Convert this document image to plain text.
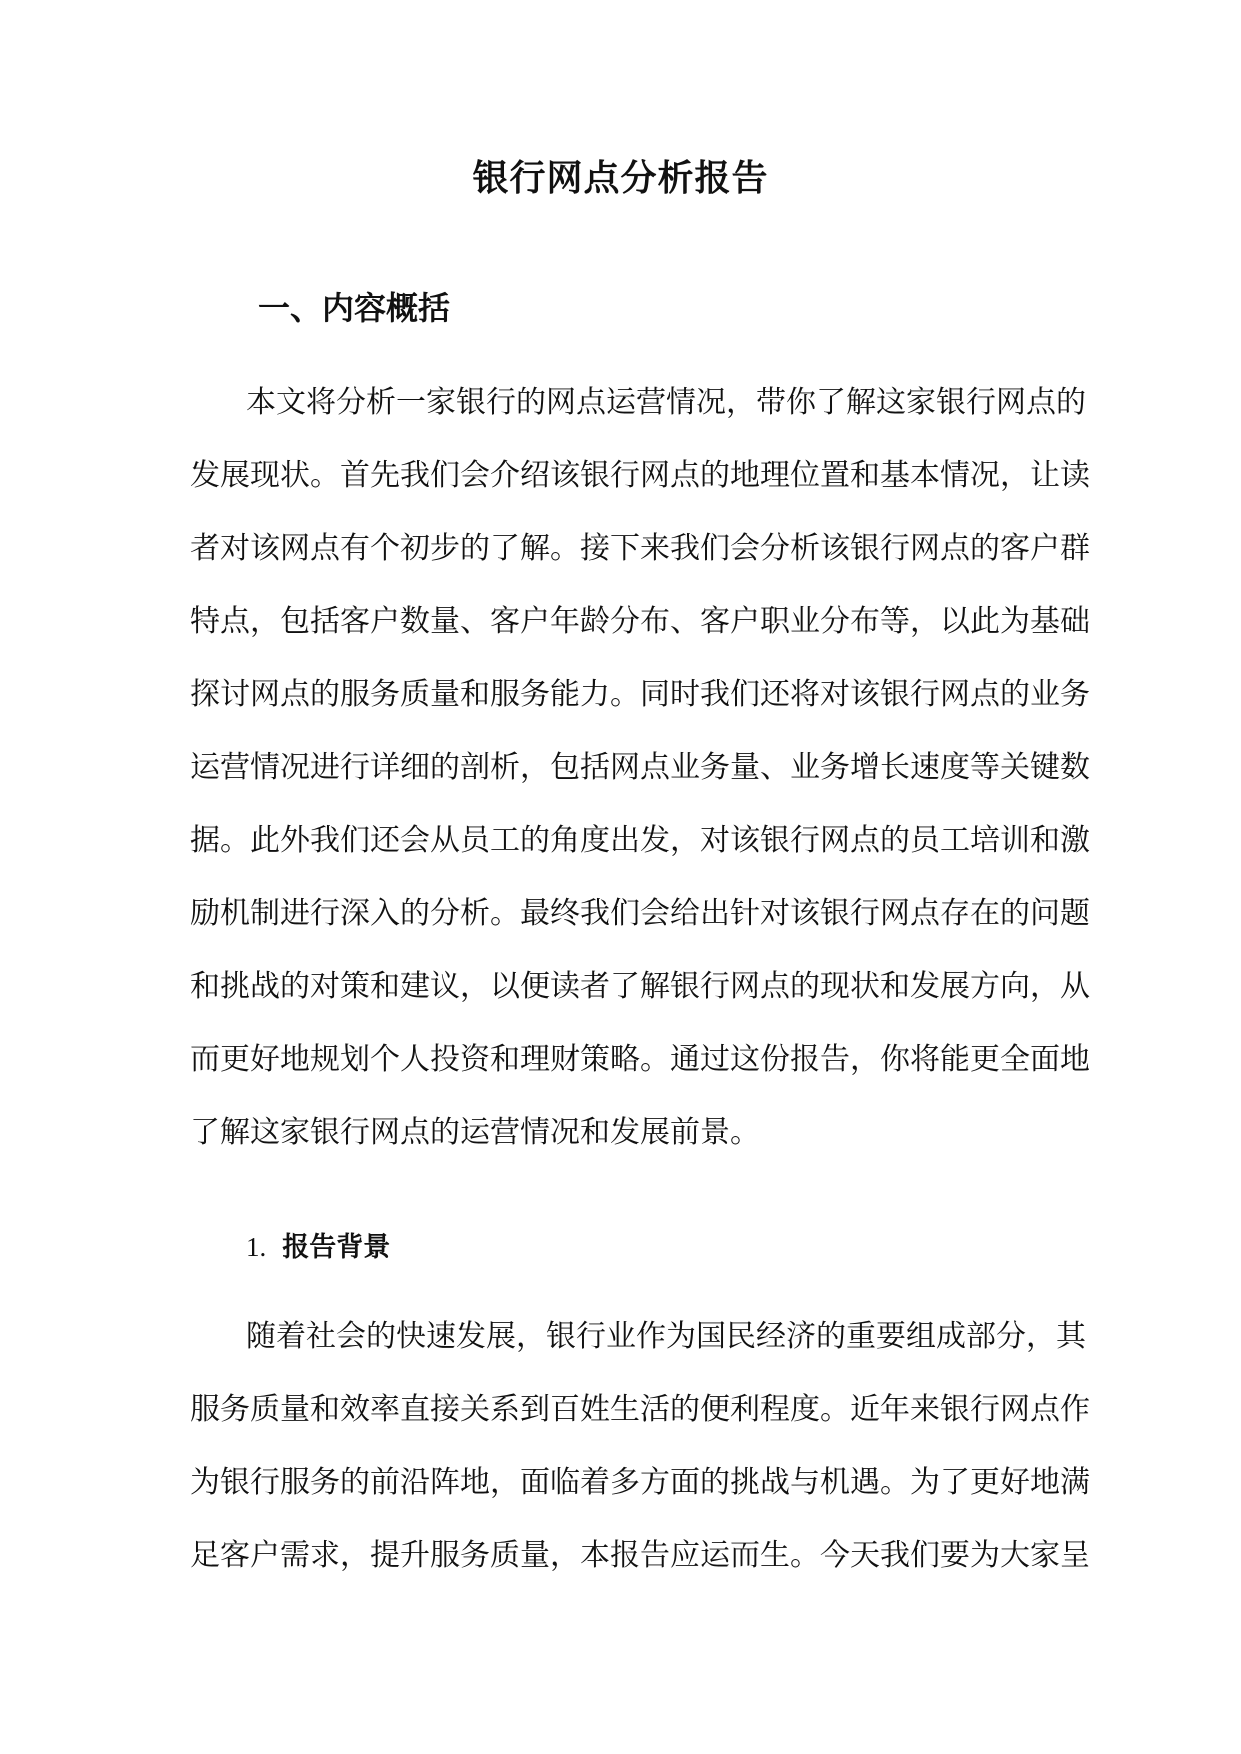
银行网点分析报告
一、内容概括
本文将分析一家银行的网点运营情况，带你了解这家银行网点的
发展现状。首先我们会介绍该银行网点的地理位置和基本情况，让读
者对该网点有个初步的了解。接下来我们会分析该银行网点的客户群
特点，包括客户数量、客户年龄分布、客户职业分布等，以此为基础
探讨网点的服务质量和服务能力。同时我们还将对该银行网点的业务
运营情况进行详细的剖析，包括网点业务量、业务增长速度等关键数
据。此外我们还会从员工的角度出发，对该银行网点的员工培训和激
励机制进行深入的分析。最终我们会给出针对该银行网点存在的问题
和挑战的对策和建议，以便读者了解银行网点的现状和发展方向，从
而更好地规划个人投资和理财策略。通过这份报告，你将能更全面地
了解这家银行网点的运营情况和发展前景。
1. 报告背景
随着社会的快速发展，银行业作为国民经济的重要组成部分，其
服务质量和效率直接关系到百姓生活的便利程度。近年来银行网点作
为银行服务的前沿阵地，面临着多方面的挑战与机遇。为了更好地满
足客户需求，提升服务质量，本报告应运而生。今天我们要为大家呈
